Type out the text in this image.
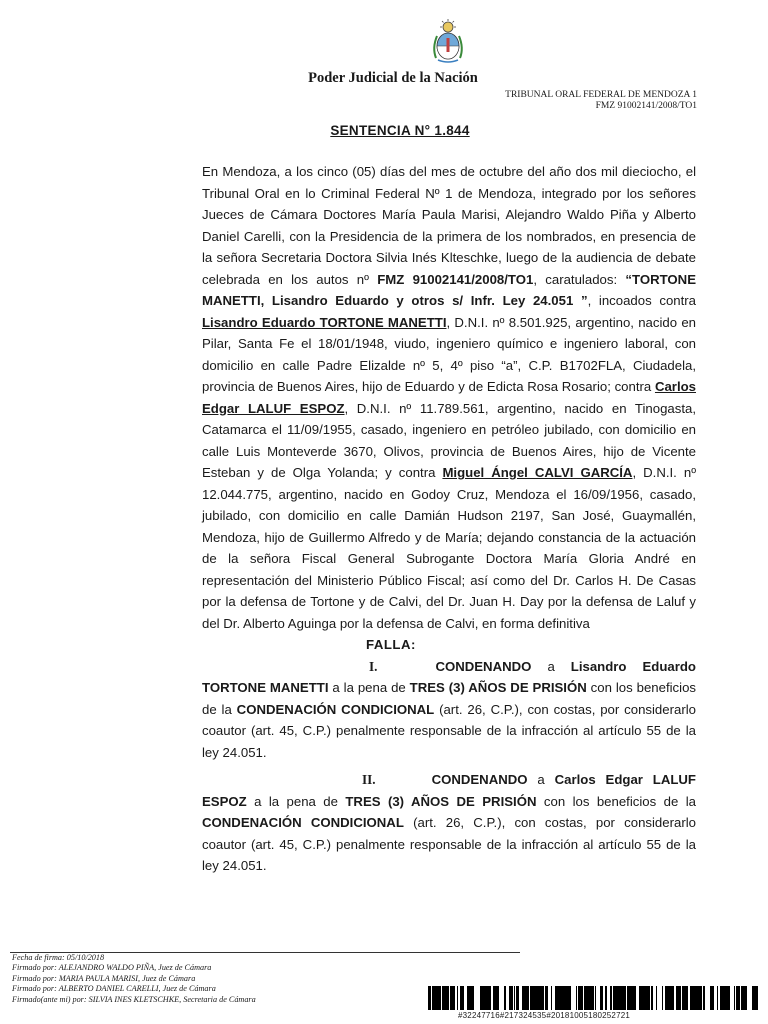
Poder Judicial de la Nación
TRIBUNAL ORAL FEDERAL DE MENDOZA 1
FMZ 91002141/2008/TO1
SENTENCIA N° 1.844

En Mendoza, a los cinco (05) días del mes de octubre del año dos mil dieciocho, el Tribunal Oral en lo Criminal Federal Nº 1 de Mendoza, integrado por los señores Jueces de Cámara Doctores María Paula Marisi, Alejandro Waldo Piña y Alberto Daniel Carelli, con la Presidencia de la primera de los nombrados, en presencia de la señora Secretaria Doctora Silvia Inés Klteschke, luego de la audiencia de debate celebrada en los autos nº FMZ 91002141/2008/TO1, caratulados: “TORTONE MANETTI, Lisandro Eduardo y otros s/ Infr. Ley 24.051 ”, incoados contra Lisandro Eduardo TORTONE MANETTI, D.N.I. nº 8.501.925, argentino, nacido en Pilar, Santa Fe el 18/01/1948, viudo, ingeniero químico e ingeniero laboral, con domicilio en calle Padre Elizalde nº 5, 4º piso “a”, C.P. B1702FLA, Ciudadela, provincia de Buenos Aires, hijo de Eduardo y de Edicta Rosa Rosario; contra Carlos Edgar LALUF ESPOZ, D.N.I. nº 11.789.561, argentino, nacido en Tinogasta, Catamarca el 11/09/1955, casado, ingeniero en petróleo jubilado, con domicilio en calle Luis Monteverde 3670, Olivos, provincia de Buenos Aires, hijo de Vicente Esteban y de Olga Yolanda; y contra Miguel Ángel CALVI GARCÍA, D.N.I. nº 12.044.775, argentino, nacido en Godoy Cruz, Mendoza el 16/09/1956, casado, jubilado, con domicilio en calle Damián Hudson 2197, San José, Guaymallén, Mendoza, hijo de Guillermo Alfredo y de María; dejando constancia de la actuación de la señora Fiscal General Subrogante Doctora María Gloria André en representación del Ministerio Público Fiscal; así como del Dr. Carlos H. De Casas por la defensa de Tortone y de Calvi, del Dr. Juan H. Day por la defensa de Laluf y del Dr. Alberto Aguinga por la defensa de Calvi, en forma definitiva

FALLA:

I.	CONDENANDO a Lisandro Eduardo TORTONE MANETTI a la pena de TRES (3) AÑOS DE PRISIÓN con los beneficios de la CONDENACIÓN CONDICIONAL (art. 26, C.P.), con costas, por considerarlo coautor (art. 45, C.P.) penalmente responsable de la infracción al artículo 55 de la ley 24.051.

II.	CONDENANDO a Carlos Edgar LALUF ESPOZ a la pena de TRES (3) AÑOS DE PRISIÓN con los beneficios de la CONDENACIÓN CONDICIONAL (art. 26, C.P.), con costas, por considerarlo coautor (art. 45, C.P.) penalmente responsable de la infracción al artículo 55 de la ley 24.051.

Fecha de firma: 05/10/2018
Firmado por: ALEJANDRO WALDO PIÑA, Juez de Cámara
Firmado por: MARIA PAULA MARISI, Juez de Cámara
Firmado por: ALBERTO DANIEL CARELLI, Juez de Cámara
Firmado(ante mi) por: SILVIA INES KLETSCHKE, Secretaria de Cámara
#32247716#217324535#20181005180252721
